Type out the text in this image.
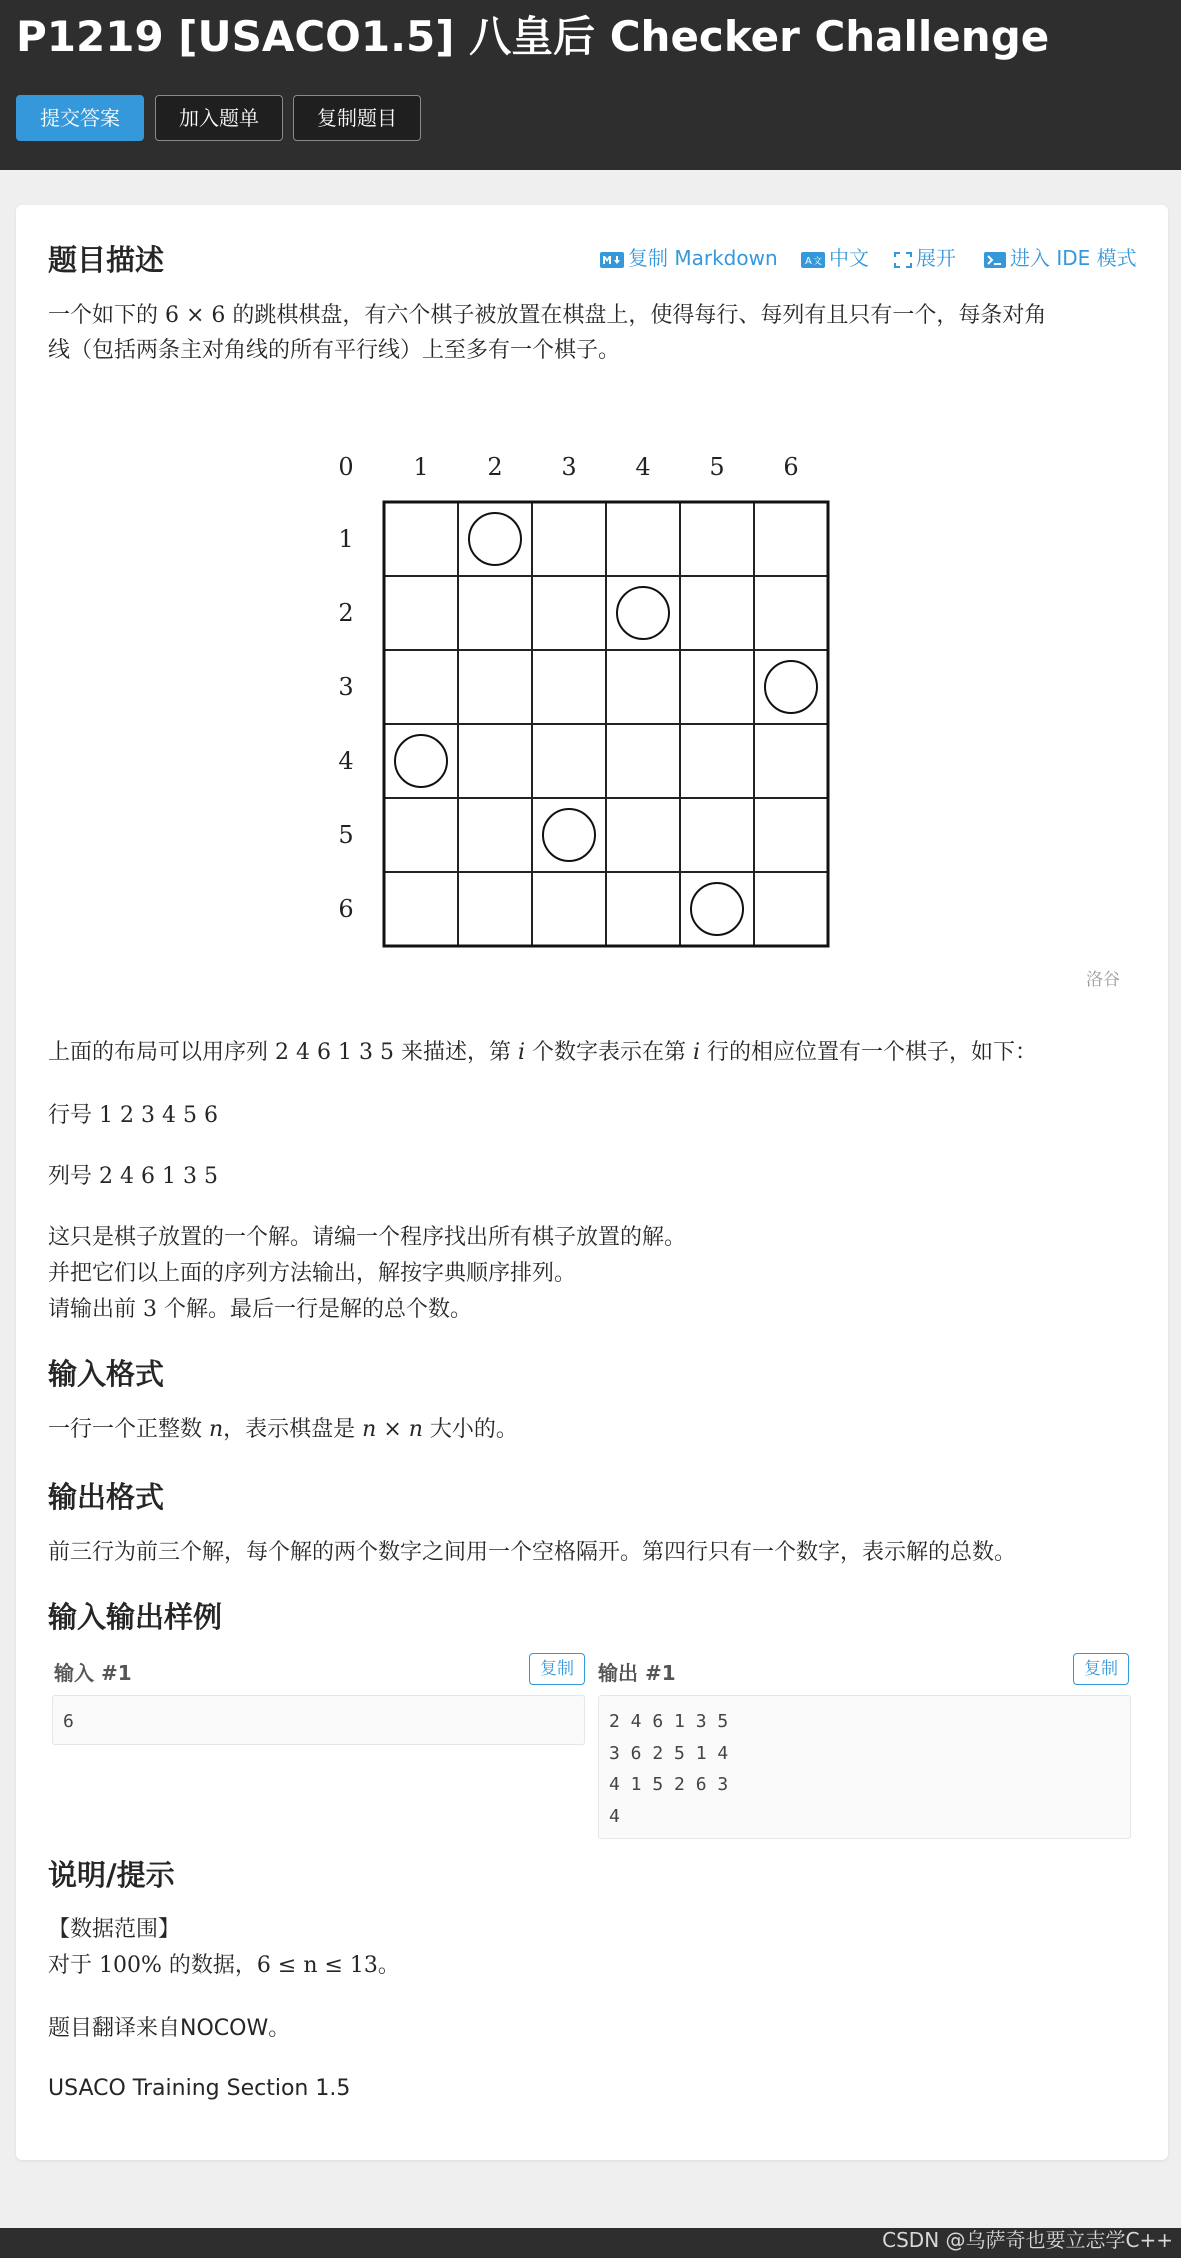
P1219 [USACO1.5] 八皇后 Checker Challenge
提交答案	加入题单	复制题目
题目描述	复制 Markdown	A 文 中文	展开	进入 IDE 模式
一个如下的 6 × 6 的跳棋棋盘，有六个棋子被放置在棋盘上，使得每行、每列有且只有一个，每条对角
线（包括两条主对角线的所有平行线）上至多有一个棋子。
0 1 2 3 4 5 6
1
2
3
4
5
6
洛谷
上面的布局可以用序列 2 4 6 1 3 5 来描述，第 i 个数字表示在第 i 行的相应位置有一个棋子，如下：
行号 1 2 3 4 5 6
列号 2 4 6 1 3 5
这只是棋子放置的一个解。请编一个程序找出所有棋子放置的解。
并把它们以上面的序列方法输出，解按字典顺序排列。
请输出前 3 个解。最后一行是解的总个数。
输入格式
一行一个正整数 n，表示棋盘是 n × n 大小的。
输出格式
前三行为前三个解，每个解的两个数字之间用一个空格隔开。第四行只有一个数字，表示解的总数。
输入输出样例
输入 #1	复制
6
输出 #1	复制
2 4 6 1 3 5
3 6 2 5 1 4
4 1 5 2 6 3
4
说明/提示
【数据范围】
对于 100% 的数据，6 ≤ n ≤ 13。
题目翻译来自NOCOW。
USACO Training Section 1.5
CSDN @乌萨奇也要立志学C++
